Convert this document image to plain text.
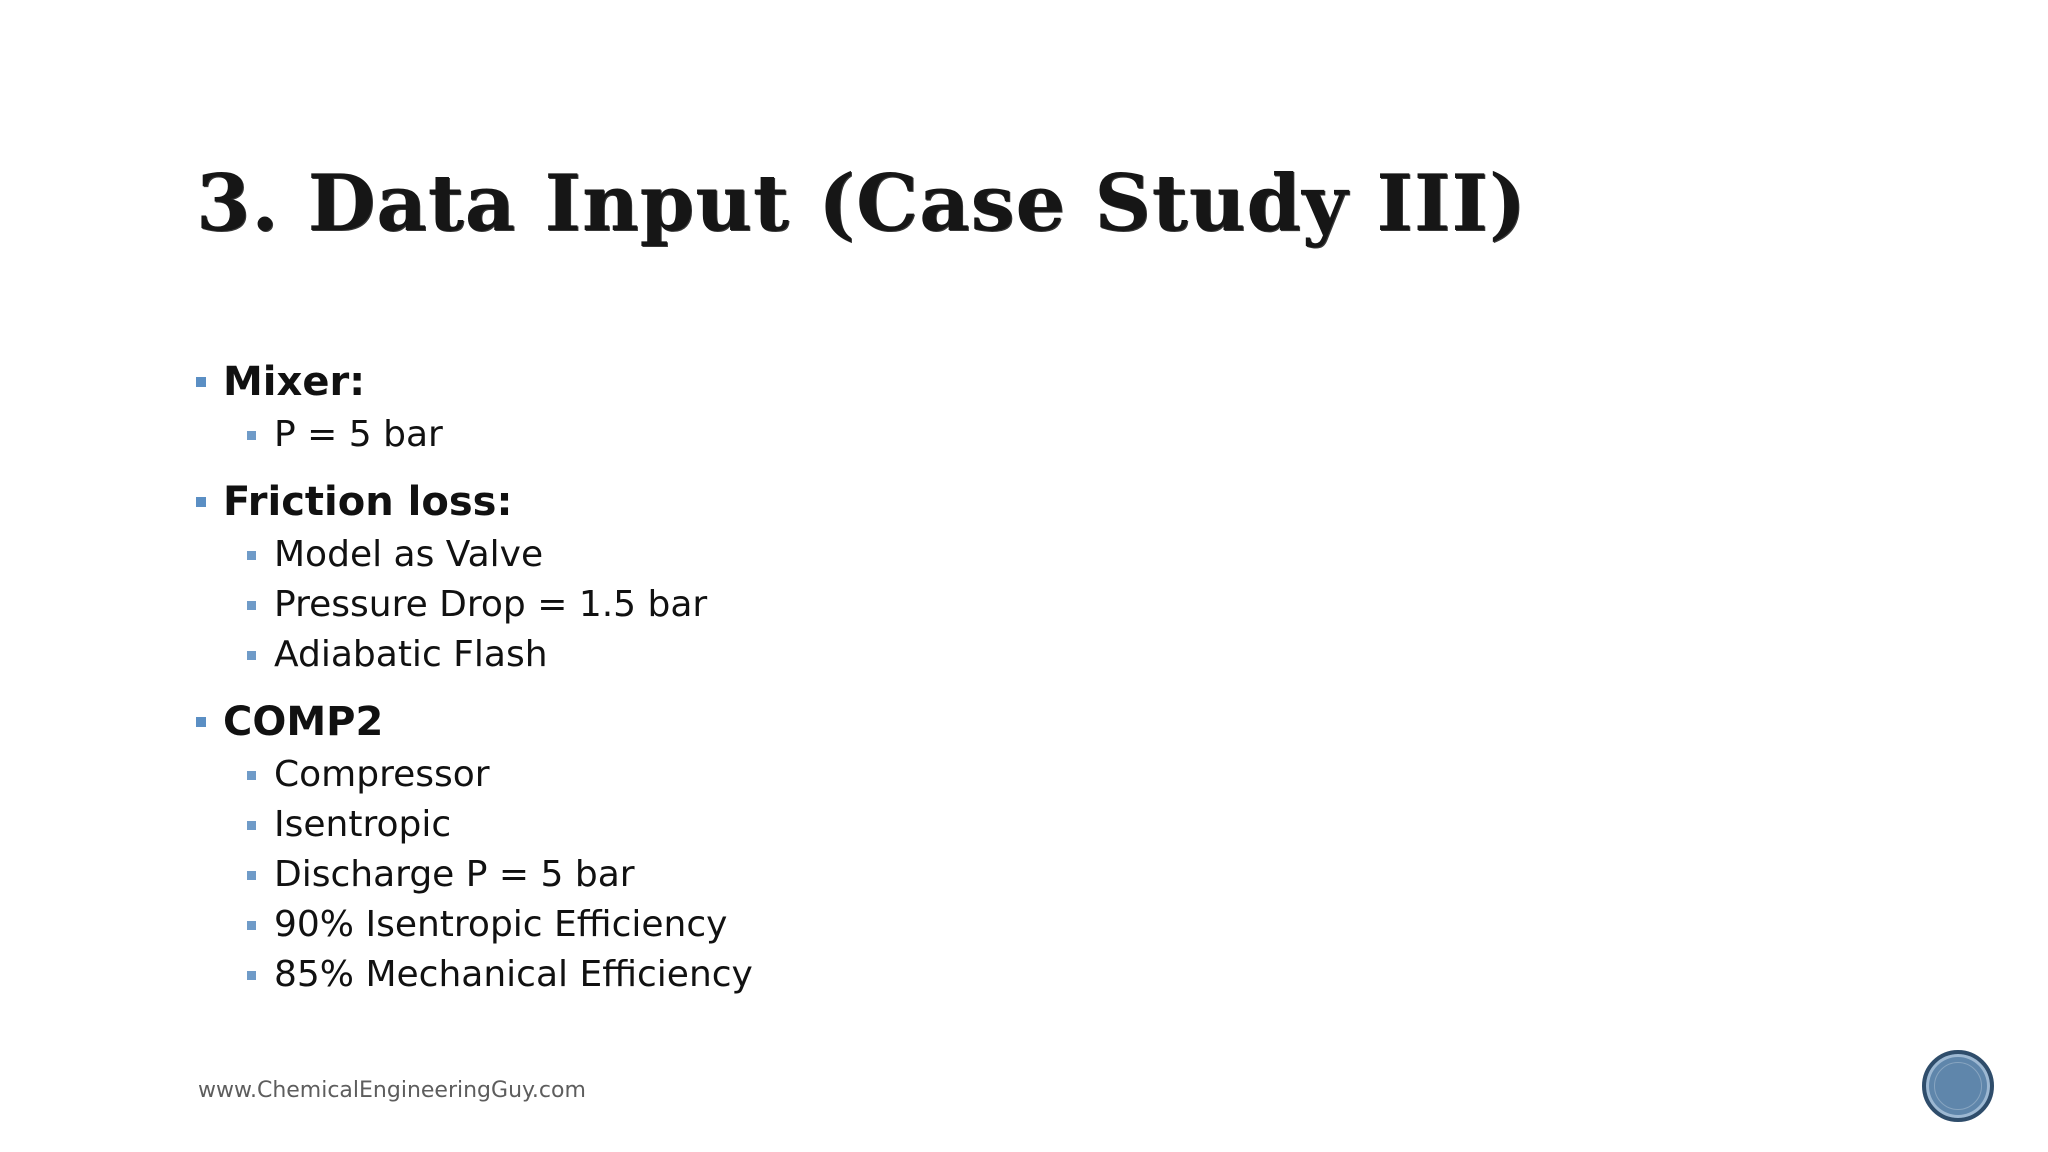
3. Data Input (Case Study III)
Mixer:
P = 5 bar
Friction loss:
Model as Valve
Pressure Drop = 1.5 bar
Adiabatic Flash
COMP2
Compressor
Isentropic
Discharge P = 5 bar
90% Isentropic Efficiency
85% Mechanical Efficiency
www.ChemicalEngineeringGuy.com
